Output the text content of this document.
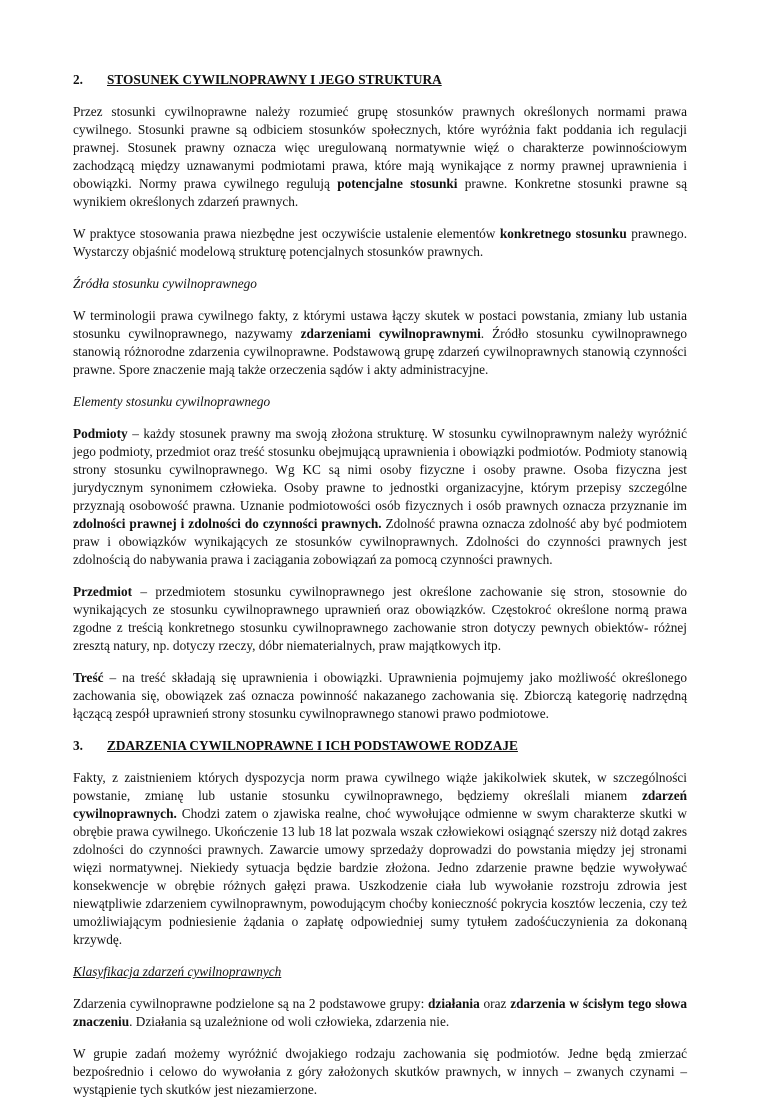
2.	STOSUNEK CYWILNOPRAWNY I JEGO STRUKTURA

Przez stosunki cywilnoprawne należy rozumieć grupę stosunków prawnych określonych normami prawa cywilnego. Stosunki prawne są odbiciem stosunków społecznych, które wyróżnia fakt poddania ich regulacji prawnej. Stosunek prawny oznacza więc uregulowaną normatywnie więź o charakterze powinnościowym zachodzącą między uznawanymi podmiotami prawa, które mają wynikające z normy prawnej uprawnienia i obowiązki. Normy prawa cywilnego regulują potencjalne stosunki prawne. Konkretne stosunki prawne są wynikiem określonych zdarzeń prawnych.

W praktyce stosowania prawa niezbędne jest oczywiście ustalenie elementów konkretnego stosunku prawnego. Wystarczy objaśnić modelową strukturę potencjalnych stosunków prawnych.

Źródła stosunku cywilnoprawnego

W terminologii prawa cywilnego fakty, z którymi ustawa łączy skutek w postaci powstania, zmiany lub ustania stosunku cywilnoprawnego, nazywamy zdarzeniami cywilnoprawnymi. Źródło stosunku cywilnoprawnego stanowią różnorodne zdarzenia cywilnoprawne. Podstawową grupę zdarzeń cywilnoprawnych stanowią czynności prawne. Spore znaczenie mają także orzeczenia sądów i akty administracyjne.

Elementy stosunku cywilnoprawnego

Podmioty – każdy stosunek prawny ma swoją złożona strukturę. W stosunku cywilnoprawnym należy wyróżnić jego podmioty, przedmiot oraz treść stosunku obejmującą uprawnienia i obowiązki podmiotów. Podmioty stanowią strony stosunku cywilnoprawnego. Wg KC są nimi osoby fizyczne i osoby prawne. Osoba fizyczna jest jurydycznym synonimem człowieka. Osoby prawne to jednostki organizacyjne, którym przepisy szczególne przyznają osobowość prawna. Uznanie podmiotowości osób fizycznych i osób prawnych oznacza przyznanie im zdolności prawnej i zdolności do czynności prawnych. Zdolność prawna oznacza zdolność aby być podmiotem praw i obowiązków wynikających ze stosunków cywilnoprawnych. Zdolności do czynności prawnych jest zdolnością do nabywania prawa i zaciągania zobowiązań za pomocą czynności prawnych.

Przedmiot – przedmiotem stosunku cywilnoprawnego jest określone zachowanie się stron, stosownie do wynikających ze stosunku cywilnoprawnego uprawnień oraz obowiązków. Częstokroć określone normą prawa zgodne z treścią konkretnego stosunku cywilnoprawnego zachowanie stron dotyczy pewnych obiektów- różnej zresztą natury, np. dotyczy rzeczy, dóbr niematerialnych, praw majątkowych itp.

Treść – na treść składają się uprawnienia i obowiązki. Uprawnienia pojmujemy jako możliwość określonego zachowania się, obowiązek zaś oznacza powinność nakazanego zachowania się. Zbiorczą kategorię nadrzędną łączącą zespół uprawnień strony stosunku cywilnoprawnego stanowi prawo podmiotowe.

3.	ZDARZENIA CYWILNOPRAWNE I ICH PODSTAWOWE RODZAJE

Fakty, z zaistnieniem których dyspozycja norm prawa cywilnego wiąże jakikolwiek skutek, w szczególności powstanie, zmianę lub ustanie stosunku cywilnoprawnego, będziemy określali mianem zdarzeń cywilnoprawnych. Chodzi zatem o zjawiska realne, choć wywołujące odmienne w swym charakterze skutki w obrębie prawa cywilnego. Ukończenie 13 lub 18 lat pozwala wszak człowiekowi osiągnąć szerszy niż dotąd zakres zdolności do czynności prawnych. Zawarcie umowy sprzedaży doprowadzi do powstania między jej stronami więzi normatywnej. Niekiedy sytuacja będzie bardzie złożona. Jedno zdarzenie prawne będzie wywoływać konsekwencje w obrębie różnych gałęzi prawa. Uszkodzenie ciała lub wywołanie rozstroju zdrowia jest niewątpliwie zdarzeniem cywilnoprawnym, powodującym choćby konieczność pokrycia kosztów leczenia, czy też umożliwiającym podniesienie żądania o zapłatę odpowiedniej sumy tytułem zadośćuczynienia za dokonaną krzywdę.

Klasyfikacja zdarzeń cywilnoprawnych

Zdarzenia cywilnoprawne podzielone są na 2 podstawowe grupy: działania oraz zdarzenia w ścisłym tego słowa znaczeniu. Działania są uzależnione od woli człowieka, zdarzenia nie.

W grupie zadań możemy wyróżnić dwojakiego rodzaju zachowania się podmiotów. Jedne będą zmierzać bezpośrednio i celowo do wywołania z góry założonych skutków prawnych, w innych – zwanych czynami – wystąpienie tych skutków jest niezamierzone.
